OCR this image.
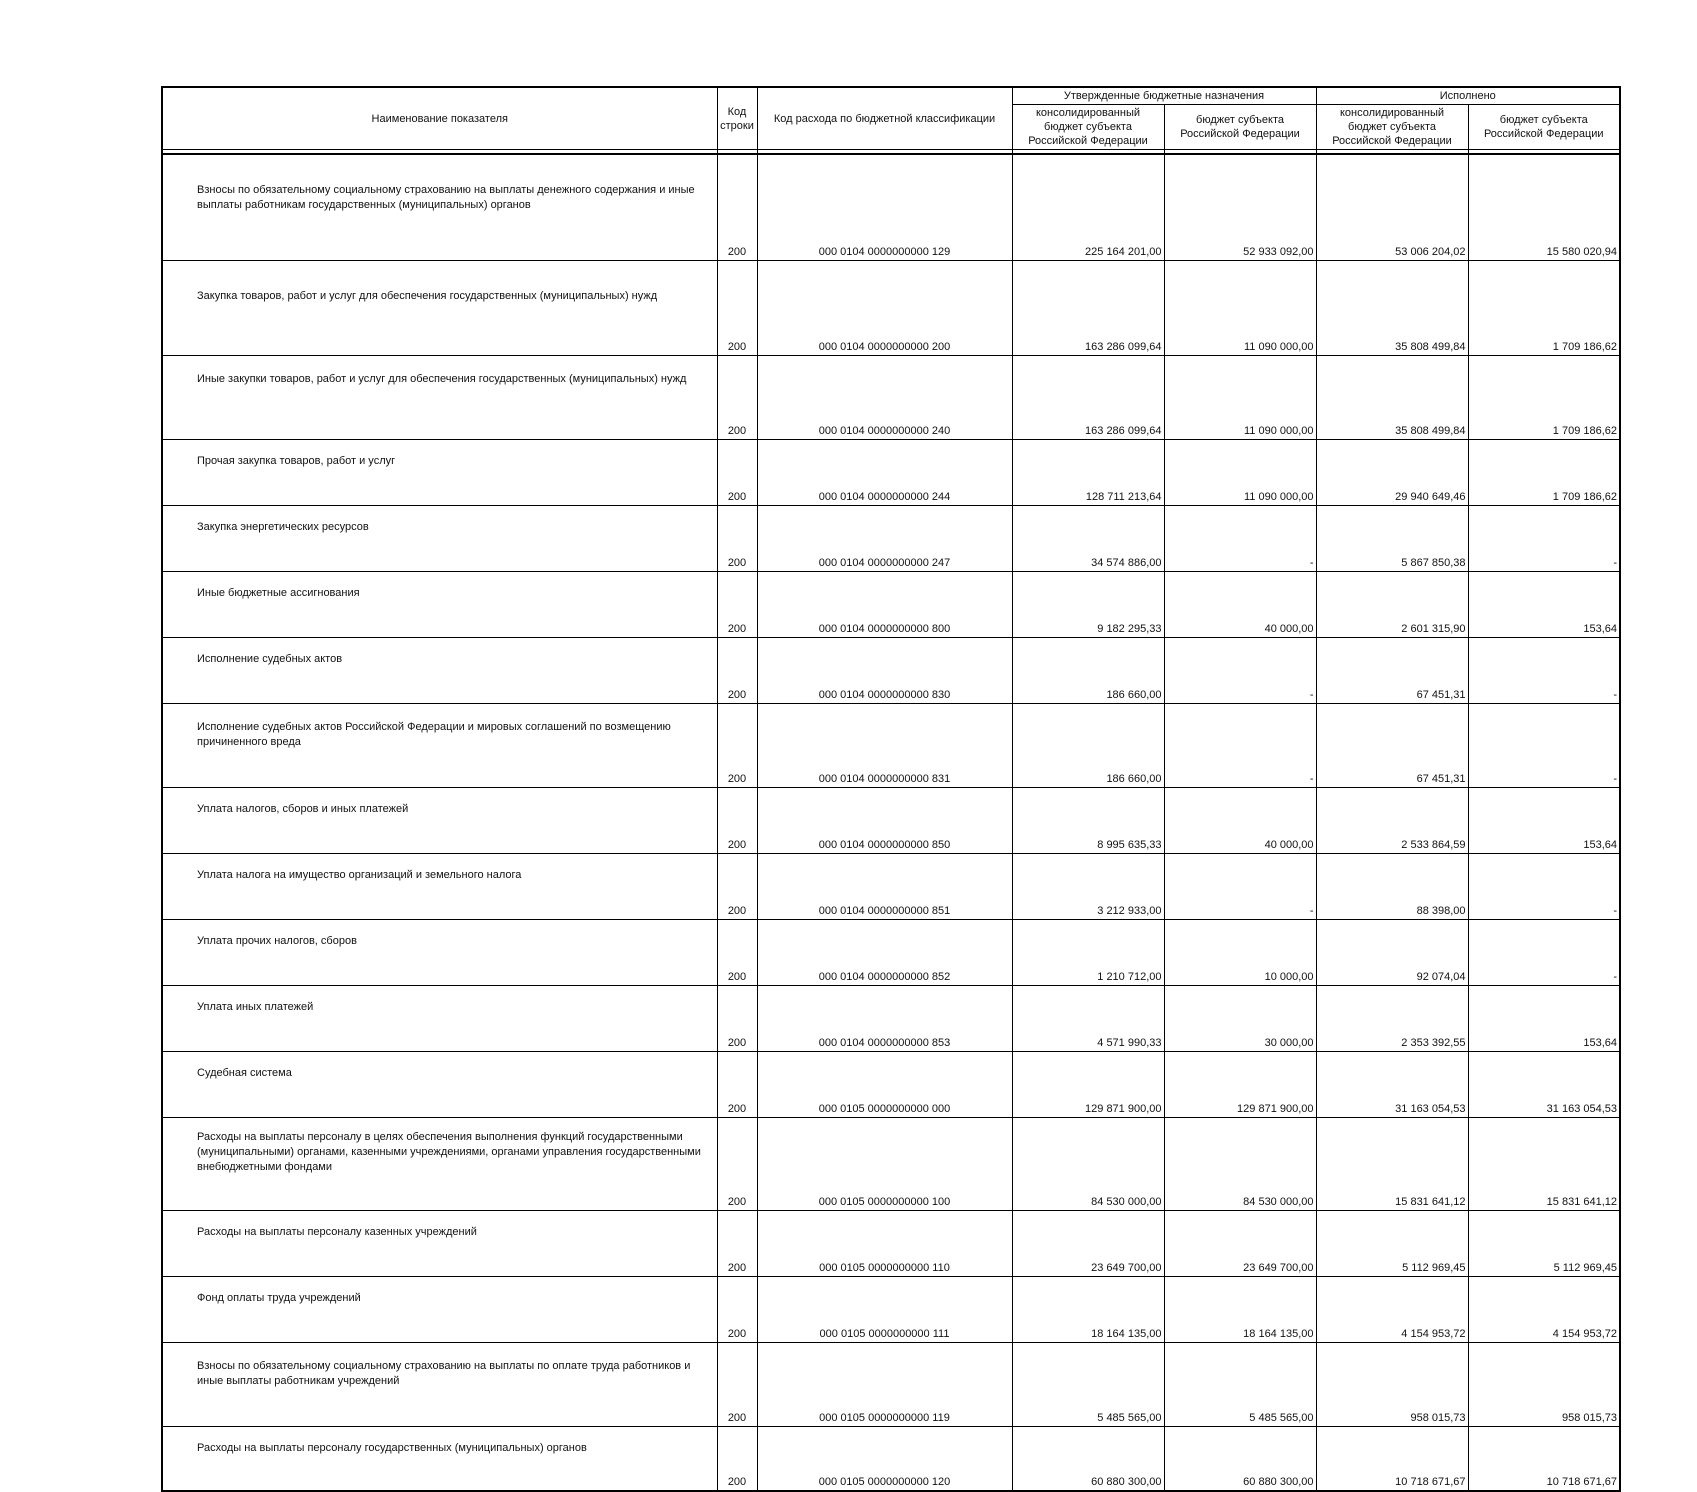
Наименование показателя	Код строки	Код расхода по бюджетной классификации	Утвержденные бюджетные назначения		Исполнено	
			консолидированный бюджет субъекта Российской Федерации	бюджет субъекта Российской Федерации	консолидированный бюджет субъекта Российской Федерации	бюджет субъекта Российской Федерации

Взносы по обязательному социальному страхованию на выплаты денежного содержания и иные выплаты работникам государственных (муниципальных) органов	200	000 0104 0000000000 129	225 164 201,00	52 933 092,00	53 006 204,02	15 580 020,94
Закупка товаров, работ и услуг для обеспечения государственных (муниципальных) нужд	200	000 0104 0000000000 200	163 286 099,64	11 090 000,00	35 808 499,84	1 709 186,62
Иные закупки товаров, работ и услуг для обеспечения государственных (муниципальных) нужд	200	000 0104 0000000000 240	163 286 099,64	11 090 000,00	35 808 499,84	1 709 186,62
Прочая закупка товаров, работ и услуг	200	000 0104 0000000000 244	128 711 213,64	11 090 000,00	29 940 649,46	1 709 186,62
Закупка энергетических ресурсов	200	000 0104 0000000000 247	34 574 886,00	-	5 867 850,38	-
Иные бюджетные ассигнования	200	000 0104 0000000000 800	9 182 295,33	40 000,00	2 601 315,90	153,64
Исполнение судебных актов	200	000 0104 0000000000 830	186 660,00	-	67 451,31	-
Исполнение судебных актов Российской Федерации и мировых соглашений по возмещению причиненного вреда	200	000 0104 0000000000 831	186 660,00	-	67 451,31	-
Уплата налогов, сборов и иных платежей	200	000 0104 0000000000 850	8 995 635,33	40 000,00	2 533 864,59	153,64
Уплата налога на имущество организаций и земельного налога	200	000 0104 0000000000 851	3 212 933,00	-	88 398,00	-
Уплата прочих налогов, сборов	200	000 0104 0000000000 852	1 210 712,00	10 000,00	92 074,04	-
Уплата иных платежей	200	000 0104 0000000000 853	4 571 990,33	30 000,00	2 353 392,55	153,64
Судебная система	200	000 0105 0000000000 000	129 871 900,00	129 871 900,00	31 163 054,53	31 163 054,53
Расходы на выплаты персоналу в целях обеспечения выполнения функций государственными (муниципальными) органами, казенными учреждениями, органами управления государственными внебюджетными фондами	200	000 0105 0000000000 100	84 530 000,00	84 530 000,00	15 831 641,12	15 831 641,12
Расходы на выплаты персоналу казенных учреждений	200	000 0105 0000000000 110	23 649 700,00	23 649 700,00	5 112 969,45	5 112 969,45
Фонд оплаты труда учреждений	200	000 0105 0000000000 111	18 164 135,00	18 164 135,00	4 154 953,72	4 154 953,72
Взносы по обязательному социальному страхованию на выплаты по оплате труда работников и иные выплаты работникам учреждений	200	000 0105 0000000000 119	5 485 565,00	5 485 565,00	958 015,73	958 015,73
Расходы на выплаты персоналу государственных (муниципальных) органов	200	000 0105 0000000000 120	60 880 300,00	60 880 300,00	10 718 671,67	10 718 671,67
